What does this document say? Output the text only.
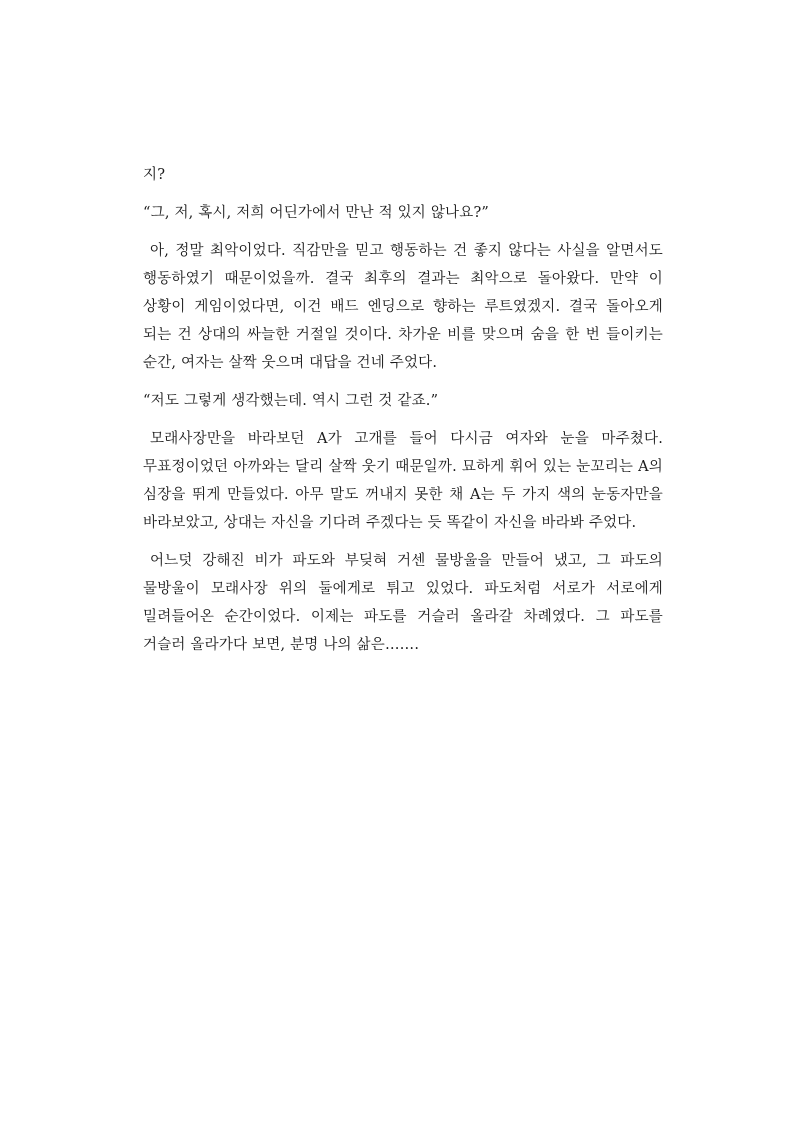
지?

“그, 저, 혹시, 저희 어딘가에서 만난 적 있지 않나요?”

아, 정말 최악이었다. 직감만을 믿고 행동하는 건 좋지 않다는 사실을 알면서도 행동하였기 때문이었을까. 결국 최후의 결과는 최악으로 돌아왔다. 만약 이 상황이 게임이었다면, 이건 배드 엔딩으로 향하는 루트였겠지. 결국 돌아오게 되는 건 상대의 싸늘한 거절일 것이다. 차가운 비를 맞으며 숨을 한 번 들이키는 순간, 여자는 살짝 웃으며 대답을 건네 주었다.

“저도 그렇게 생각했는데. 역시 그런 것 같죠.”

모래사장만을 바라보던 A가 고개를 들어 다시금 여자와 눈을 마주쳤다. 무표정이었던 아까와는 달리 살짝 웃기 때문일까. 묘하게 휘어 있는 눈꼬리는 A의 심장을 뛰게 만들었다. 아무 말도 꺼내지 못한 채 A는 두 가지 색의 눈동자만을 바라보았고, 상대는 자신을 기다려 주겠다는 듯 똑같이 자신을 바라봐 주었다.

어느덧 강해진 비가 파도와 부딪혀 거센 물방울을 만들어 냈고, 그 파도의 물방울이 모래사장 위의 둘에게로 튀고 있었다. 파도처럼 서로가 서로에게 밀려들어온 순간이었다. 이제는 파도를 거슬러 올라갈 차례였다. 그 파도를 거슬러 올라가다 보면, 분명 나의 삶은…….
